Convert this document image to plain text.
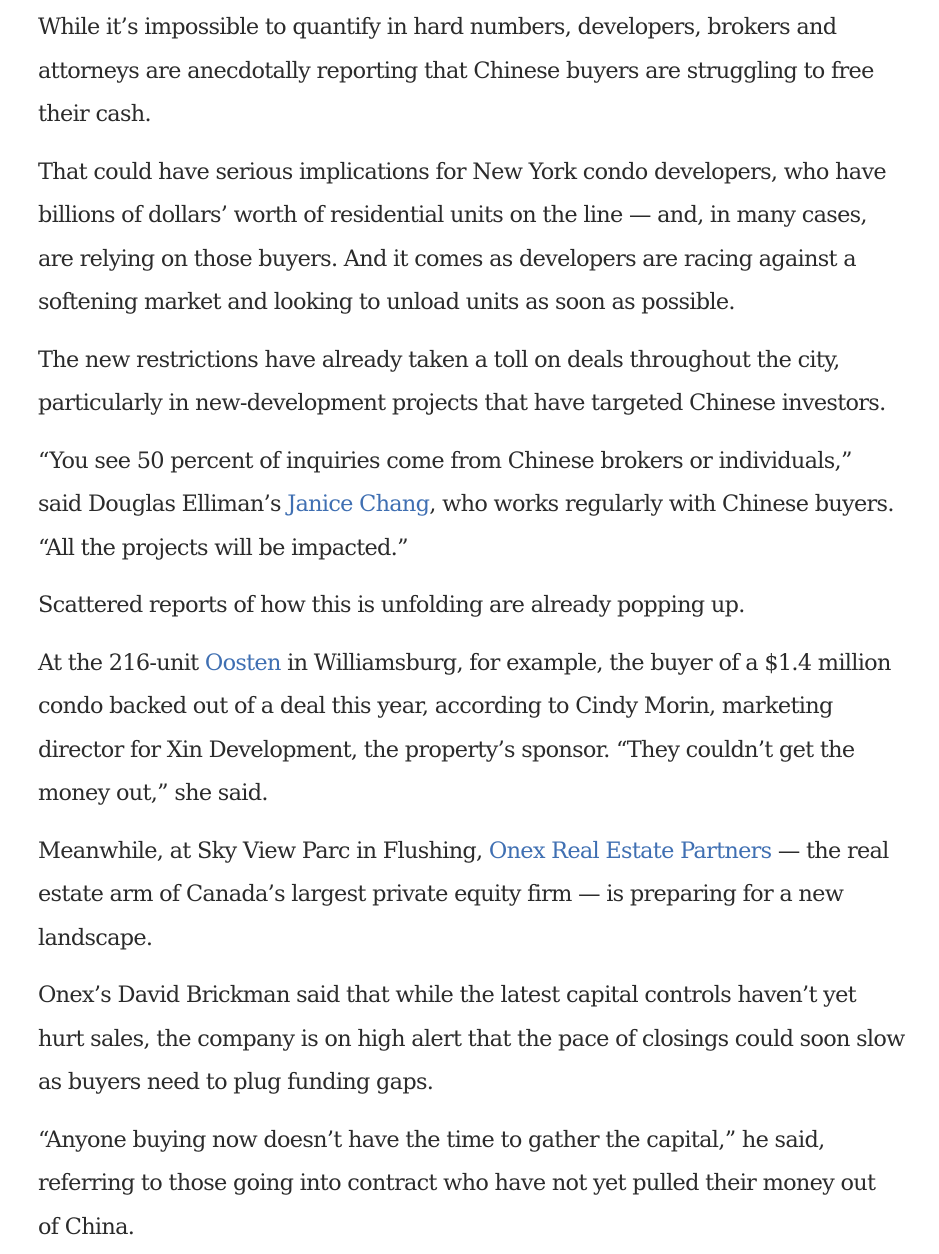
While it’s impossible to quantify in hard numbers, developers, brokers and
attorneys are anecdotally reporting that Chinese buyers are struggling to free
their cash.

That could have serious implications for New York condo developers, who have
billions of dollars’ worth of residential units on the line — and, in many cases,
are relying on those buyers. And it comes as developers are racing against a
softening market and looking to unload units as soon as possible.

The new restrictions have already taken a toll on deals throughout the city,
particularly in new-development projects that have targeted Chinese investors.

“You see 50 percent of inquiries come from Chinese brokers or individuals,”
said Douglas Elliman’s Janice Chang, who works regularly with Chinese buyers.
“All the projects will be impacted.”

Scattered reports of how this is unfolding are already popping up.

At the 216-unit Oosten in Williamsburg, for example, the buyer of a $1.4 million
condo backed out of a deal this year, according to Cindy Morin, marketing
director for Xin Development, the property’s sponsor. “They couldn’t get the
money out,” she said.

Meanwhile, at Sky View Parc in Flushing, Onex Real Estate Partners — the real
estate arm of Canada’s largest private equity firm — is preparing for a new
landscape.

Onex’s David Brickman said that while the latest capital controls haven’t yet
hurt sales, the company is on high alert that the pace of closings could soon slow
as buyers need to plug funding gaps.

“Anyone buying now doesn’t have the time to gather the capital,” he said,
referring to those going into contract who have not yet pulled their money out
of China.
